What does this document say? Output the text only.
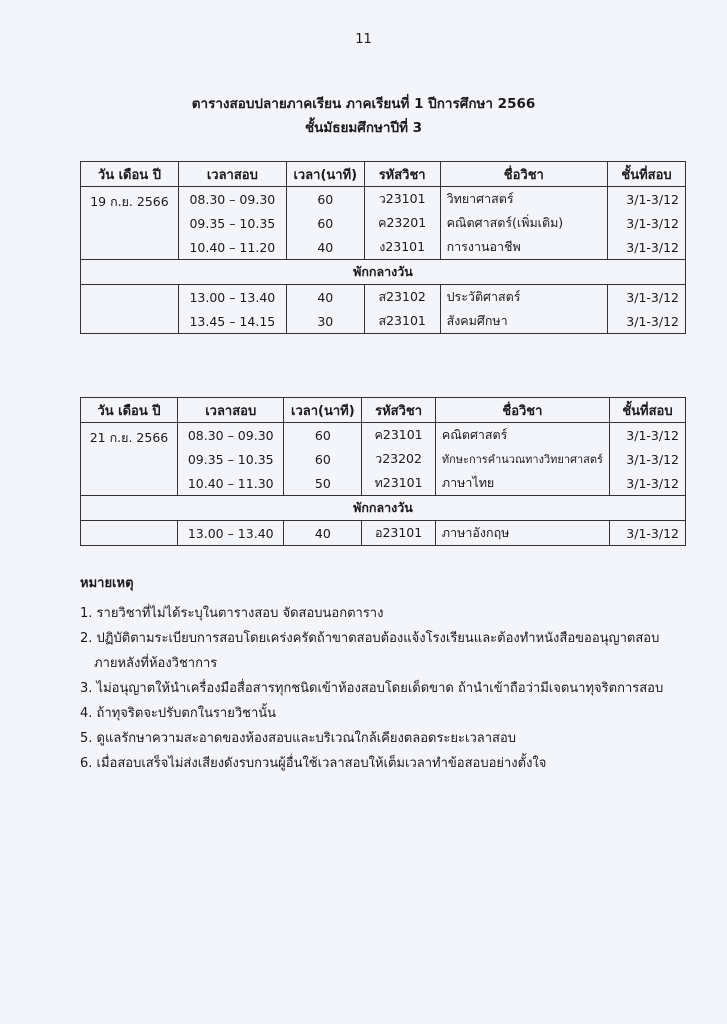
11
ตารางสอบปลายภาคเรียน ภาคเรียนที่ 1 ปีการศึกษา 2566
ชั้นมัธยมศึกษาปีที่ 3
วัน เดือน ปี	เวลาสอบ	เวลา(นาที)	รหัสวิชา	ชื่อวิชา	ชั้นที่สอบ
19 ก.ย. 2566	08.30 – 09.30	60	ว23101	วิทยาศาสตร์	3/1-3/12
	09.35 – 10.35	60	ค23201	คณิตศาสตร์(เพิ่มเติม)	3/1-3/12
	10.40 – 11.20	40	ง23101	การงานอาชีพ	3/1-3/12
พักกลางวัน					
	13.00 – 13.40	40	ส23102	ประวัติศาสตร์	3/1-3/12
	13.45 – 14.15	30	ส23101	สังคมศึกษา	3/1-3/12
วัน เดือน ปี	เวลาสอบ	เวลา(นาที)	รหัสวิชา	ชื่อวิชา	ชั้นที่สอบ
21 ก.ย. 2566	08.30 – 09.30	60	ค23101	คณิตศาสตร์	3/1-3/12
	09.35 – 10.35	60	ว23202	ทักษะการคำนวณทางวิทยาศาสตร์	3/1-3/12
	10.40 – 11.30	50	ท23101	ภาษาไทย	3/1-3/12
พักกลางวัน					
	13.00 – 13.40	40	อ23101	ภาษาอังกฤษ	3/1-3/12
หมายเหตุ
1. รายวิชาที่ไม่ได้ระบุในตารางสอบ จัดสอบนอกตาราง
2. ปฏิบัติตามระเบียบการสอบโดยเคร่งครัดถ้าขาดสอบต้องแจ้งโรงเรียนและต้องทำหนังสือขออนุญาตสอบ
ภายหลังที่ห้องวิชาการ
3. ไม่อนุญาตให้นำเครื่องมือสื่อสารทุกชนิดเข้าห้องสอบโดยเด็ดขาด ถ้านำเข้าถือว่ามีเจตนาทุจริตการสอบ
4. ถ้าทุจริตจะปรับตกในรายวิชานั้น
5. ดูแลรักษาความสะอาดของห้องสอบและบริเวณใกล้เคียงตลอดระยะเวลาสอบ
6. เมื่อสอบเสร็จไม่ส่งเสียงดังรบกวนผู้อื่นใช้เวลาสอบให้เต็มเวลาทำข้อสอบอย่างตั้งใจ
